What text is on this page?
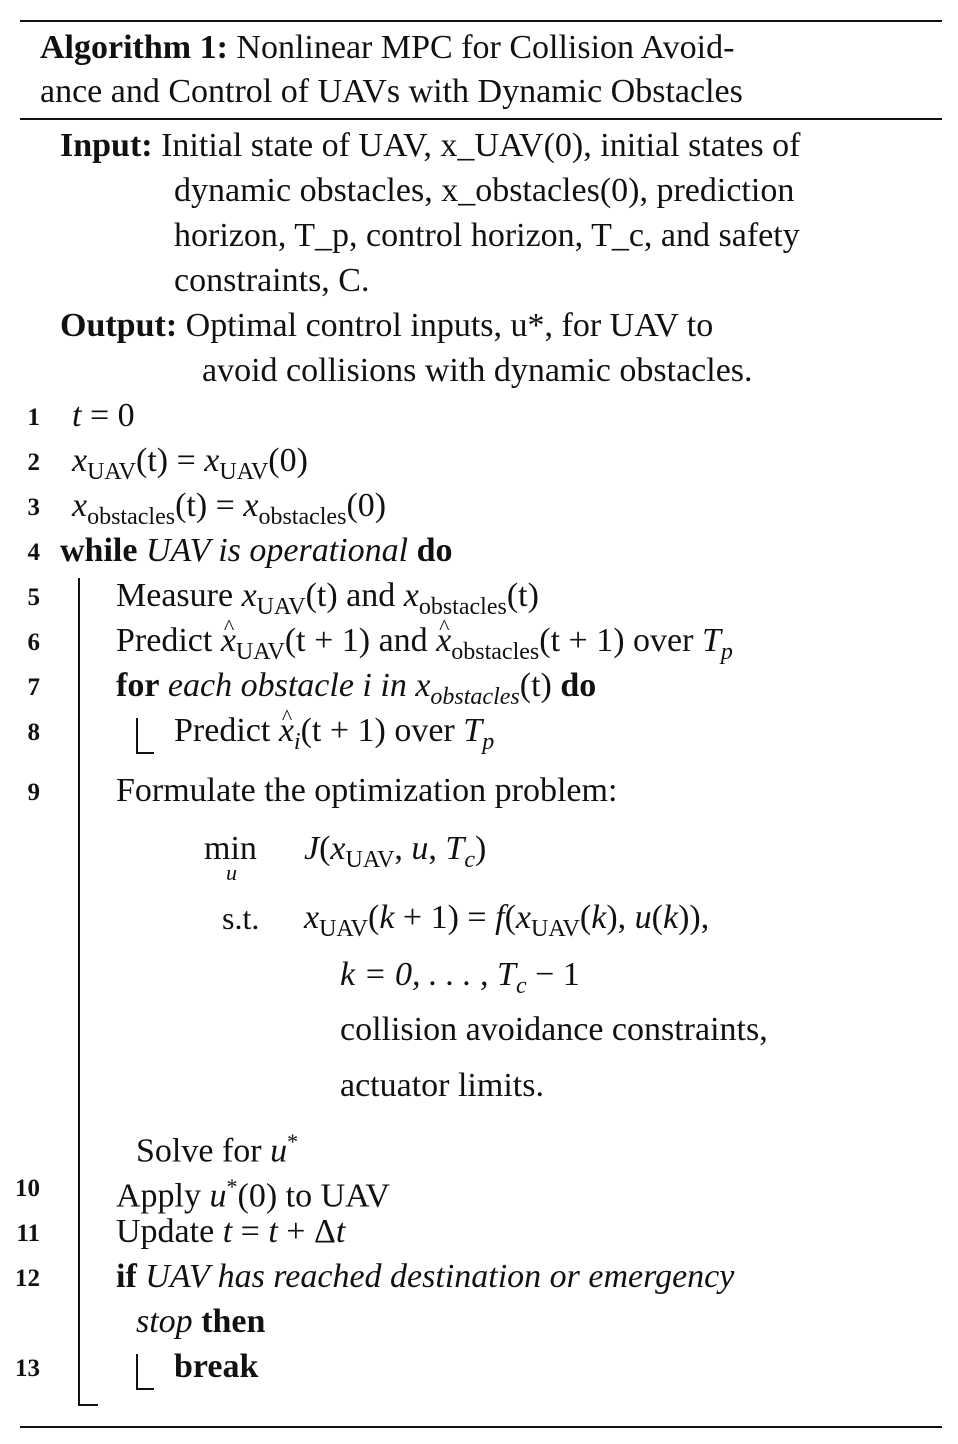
Algorithm 1: Nonlinear MPC for Collision Avoid-
ance and Control of UAVs with Dynamic Obstacles
Input: Initial state of UAV, x_UAV(0), initial states of
dynamic obstacles, x_obstacles(0), prediction
horizon, T_p, control horizon, T_c, and safety
constraints, C.
Output: Optimal control inputs, u*, for UAV to
avoid collisions with dynamic obstacles.
1
2
3
4
5
6
7
8
9
10
11
12
13
t = 0
$x_{UAV}(t) = x_{UAV}(0)$
$x_{obstacles}(t) = x_{obstacles}(0)$
while UAV is operational do
Measure $x_{UAV}(t)$ and $x_{obstacles}(t)$
Predict ^ $x_{UAV}(t + 1)$ and ^ $x_{obstacles}(t + 1)$ over $T_p$
for each obstacle i in $x_{obstacles}(t)$ do
Predict ^ $x_i(t + 1)$ over $T_p$
Formulate the optimization problem:
min
u
$J(x_{UAV}$, u, $T_c$)
s.t. $x_{UAV}(k + 1) = f(x_{UAV}(k)$, u(k)),
k = 0, . . . , $T_c - 1$
collision avoidance constraints,
actuator limits.
Solve for u*
Apply u*(0) to UAV
Update t = t + Δt
if UAV has reached destination or emergency
stop then
break
